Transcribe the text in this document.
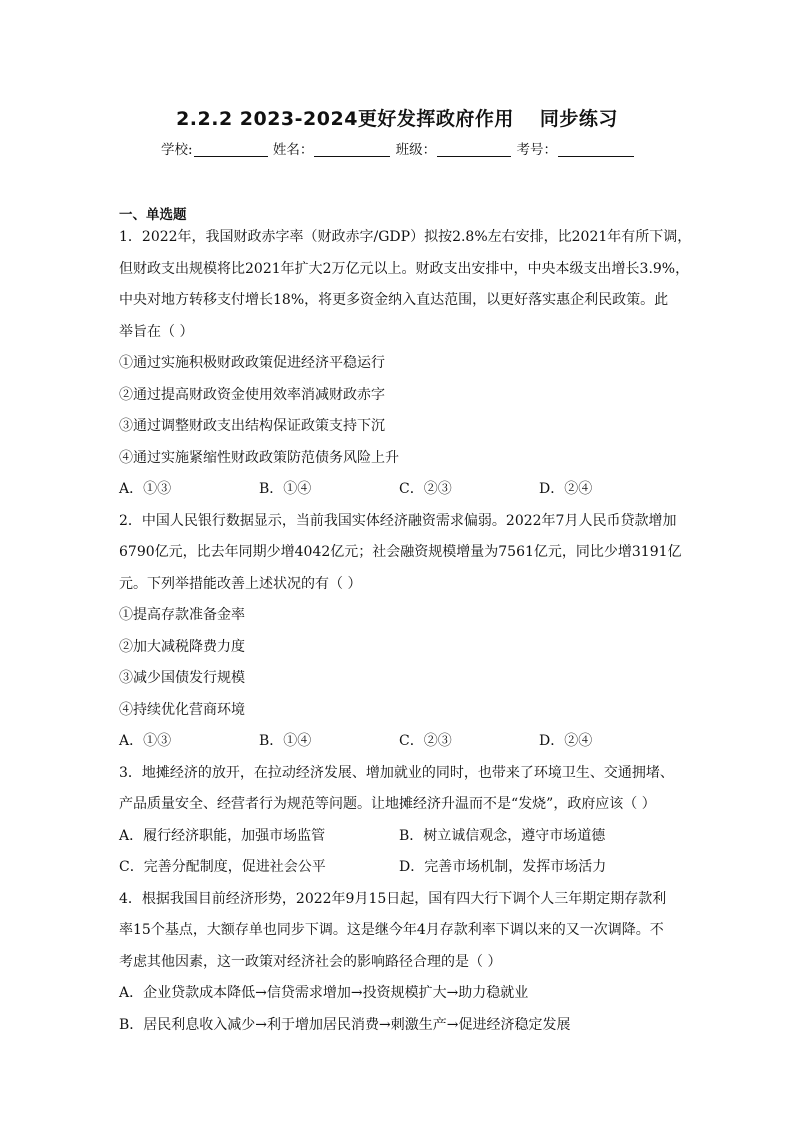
2.2.2 2023-2024更好发挥政府作用 同步练习
学校:	姓名：	班级：	考号：
一、单选题
1．2022年，我国财政赤字率（财政赤字/GDP）拟按2.8%左右安排，比2021年有所下调，
但财政支出规模将比2021年扩大2万亿元以上。财政支出安排中，中央本级支出增长3.9%，
中央对地方转移支付增长18%，将更多资金纳入直达范围，以更好落实惠企利民政策。此
举旨在（ ）
①通过实施积极财政政策促进经济平稳运行
②通过提高财政资金使用效率消减财政赤字
③通过调整财政支出结构保证政策支持下沉
④通过实施紧缩性财政政策防范债务风险上升
A．①③	B．①④	C．②③	D．②④
2．中国人民银行数据显示，当前我国实体经济融资需求偏弱。2022年7月人民币贷款增加
6790亿元，比去年同期少增4042亿元；社会融资规模增量为7561亿元，同比少增3191亿
元。下列举措能改善上述状况的有（ ）
①提高存款准备金率
②加大减税降费力度
③减少国债发行规模
④持续优化营商环境
A．①③	B．①④	C．②③	D．②④
3．地摊经济的放开，在拉动经济发展、增加就业的同时，也带来了环境卫生、交通拥堵、
产品质量安全、经营者行为规范等问题。让地摊经济升温而不是“发烧”，政府应该（ ）
A．履行经济职能，加强市场监管	B．树立诚信观念，遵守市场道德
C．完善分配制度，促进社会公平	D．完善市场机制，发挥市场活力
4．根据我国目前经济形势，2022年9月15日起，国有四大行下调个人三年期定期存款利
率15个基点，大额存单也同步下调。这是继今年4月存款利率下调以来的又一次调降。不
考虑其他因素，这一政策对经济社会的影响路径合理的是（ ）
A．企业贷款成本降低→信贷需求增加→投资规模扩大→助力稳就业
B．居民利息收入减少→利于增加居民消费→刺激生产→促进经济稳定发展
